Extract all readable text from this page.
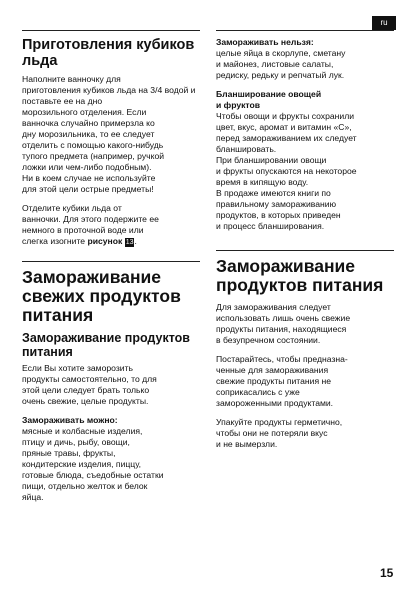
ru
Приготовления кубиков льда
Наполните ванночку для
приготовления кубиков льда на 3/4 водой и поставьте ее на дно
морозильного отделения. Если
ванночка случайно примерзла ко
дну морозильника, то ее следует
отделить с помощью какого-нибудь
тупого предмета (например, ручкой
ложки или чем-либо подобным).
Ни в коем случае не используйте
для этой цели острые предметы!
Отделите кубики льда от
ванночки. Для этого подержите ее
немного в проточной воде или
слегка изогните рисунок 13.
Замораживание свежих продуктов питания
Замораживание продуктов питания
Если Вы хотите заморозить
продукты самостоятельно, то для
этой цели следует брать только
очень свежие, целые продукты.
Замораживать можно:
мясные и колбасные изделия,
птицу и дичь, рыбу, овощи,
пряные травы, фрукты,
кондитерские изделия, пиццу,
готовые блюда, съедобные остатки
пищи, отдельно желток и белок
яйца.
Замораживать нельзя:
целые яйца в скорлупе, сметану
и майонез, листовые салаты,
редиску, редьку и репчатый лук.
Бланширование овощей
и фруктов
Чтобы овощи и фрукты сохранили
цвет, вкус, аромат и витамин «С»,
перед замораживанием их следует
бланшировать.
При бланшировании овощи
и фрукты опускаются на некоторое
время в кипящую воду.
В продаже имеются книги по
правильному замораживанию
продуктов, в которых приведен
и процесс бланширования.
Замораживание продуктов питания
Для замораживания следует
использовать лишь очень свежие
продукты питания, находящиеся
в безупречном состоянии.
Постарайтесь, чтобы предназна-
ченные для замораживания
свежие продукты питания не
соприкасались с уже
замороженными продуктами.
Упакуйте продукты герметично,
чтобы они не потеряли вкус
и не вымерзли.
15
